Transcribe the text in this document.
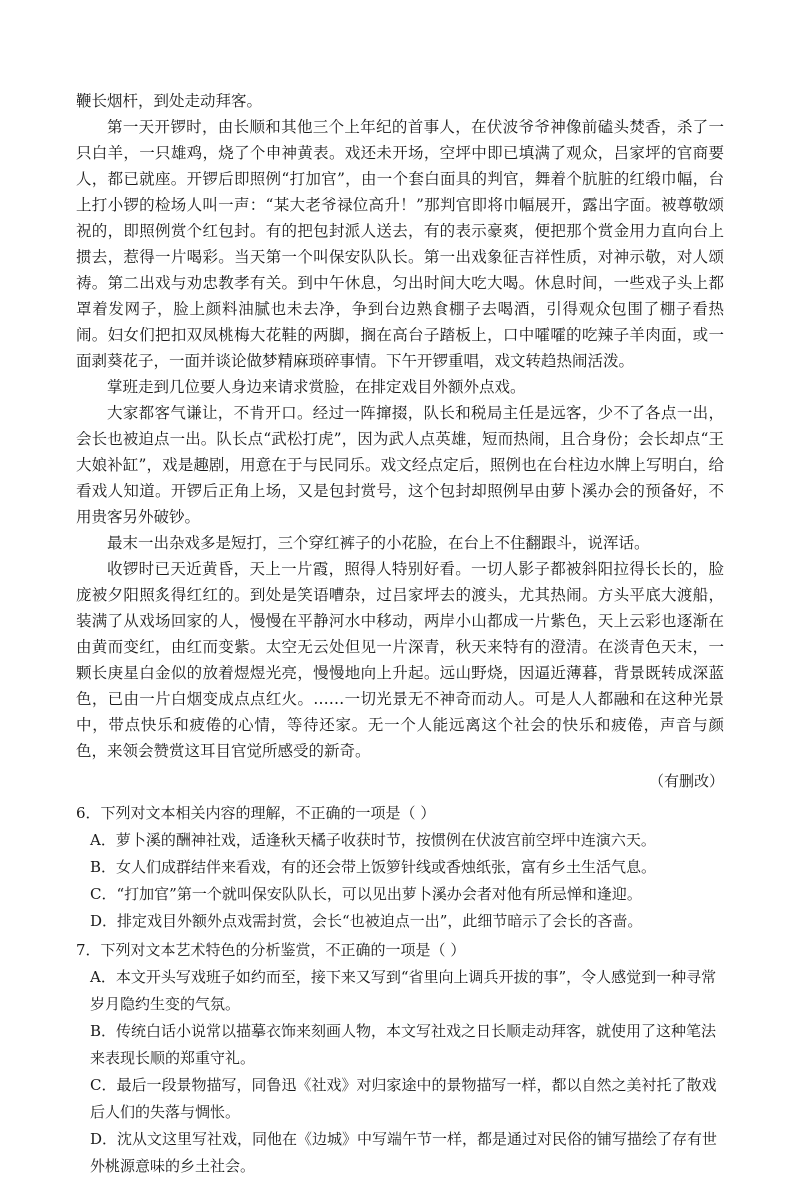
鞭长烟杆，到处走动拜客。

第一天开锣时，由长顺和其他三个上年纪的首事人，在伏波爷爷神像前磕头焚香，杀了一只白羊，一只雄鸡，烧了个申神黄表。戏还未开场，空坪中即已填满了观众，吕家坪的官商要人，都已就座。开锣后即照例“打加官”，由一个套白面具的判官，舞着个肮脏的红缎巾幅，台上打小锣的检场人叫一声：“某大老爷禄位高升！”那判官即将巾幅展开，露出字面。被尊敬颂祝的，即照例赏个红包封。有的把包封派人送去，有的表示豪爽，便把那个赏金用力直向台上掼去，惹得一片喝彩。当天第一个叫保安队队长。第一出戏象征吉祥性质，对神示敬，对人颂祷。第二出戏与劝忠教孝有关。到中午休息，匀出时间大吃大喝。休息时间，一些戏子头上都罩着发网子，脸上颜料油腻也未去净，争到台边熟食棚子去喝酒，引得观众包围了棚子看热闹。妇女们把扣双凤桃梅大花鞋的两脚，搁在高台子踏板上，口中嚯嚯的吃辣子羊肉面，或一面剥葵花子，一面并谈论做梦精麻琐碎事情。下午开锣重唱，戏文转趋热闹活泼。

掌班走到几位要人身边来请求赏脸，在排定戏目外额外点戏。

大家都客气谦让，不肯开口。经过一阵撺掇，队长和税局主任是远客，少不了各点一出，会长也被迫点一出。队长点“武松打虎”，因为武人点英雄，短而热闹，且合身份；会长却点“王大娘补缸”，戏是趣剧，用意在于与民同乐。戏文经点定后，照例也在台柱边水牌上写明白，给看戏人知道。开锣后正角上场，又是包封赏号，这个包封却照例早由萝卜溪办会的预备好，不用贵客另外破钞。

最末一出杂戏多是短打，三个穿红裤子的小花脸，在台上不住翻跟斗，说浑话。

收锣时已天近黄昏，天上一片霞，照得人特别好看。一切人影子都被斜阳拉得长长的，脸庞被夕阳照炙得红红的。到处是笑语嘈杂，过吕家坪去的渡头，尤其热闹。方头平底大渡船，装满了从戏场回家的人，慢慢在平静河水中移动，两岸小山都成一片紫色，天上云彩也逐渐在由黄而变红，由红而变紫。太空无云处但见一片深青，秋天来特有的澄清。在淡青色天末，一颗长庚星白金似的放着煜煜光亮，慢慢地向上升起。远山野烧，因逼近薄暮，背景既转成深蓝色，已由一片白烟变成点点红火。……一切光景无不神奇而动人。可是人人都融和在这种光景中，带点快乐和疲倦的心情，等待还家。无一个人能远离这个社会的快乐和疲倦，声音与颜色，来领会赞赏这耳目官觉所感受的新奇。

（有删改）

6．下列对文本相关内容的理解，不正确的一项是（ ）

A．萝卜溪的酬神社戏，适逢秋天橘子收获时节，按惯例在伏波宫前空坪中连演六天。

B．女人们成群结伴来看戏，有的还会带上饭箩针线或香烛纸张，富有乡土生活气息。

C．“打加官”第一个就叫保安队队长，可以见出萝卜溪办会者对他有所忌惮和逢迎。

D．排定戏目外额外点戏需封赏，会长“也被迫点一出”，此细节暗示了会长的吝啬。

7．下列对文本艺术特色的分析鉴赏，不正确的一项是（ ）

A．本文开头写戏班子如约而至，接下来又写到“省里向上调兵开拔的事”，令人感觉到一种寻常岁月隐约生变的气氛。

B．传统白话小说常以描摹衣饰来刻画人物，本文写社戏之日长顺走动拜客，就使用了这种笔法来表现长顺的郑重守礼。

C．最后一段景物描写，同鲁迅《社戏》对归家途中的景物描写一样，都以自然之美衬托了散戏后人们的失落与惆怅。

D．沈从文这里写社戏，同他在《边城》中写端午节一样，都是通过对民俗的铺写描绘了存有世外桃源意味的乡土社会。
